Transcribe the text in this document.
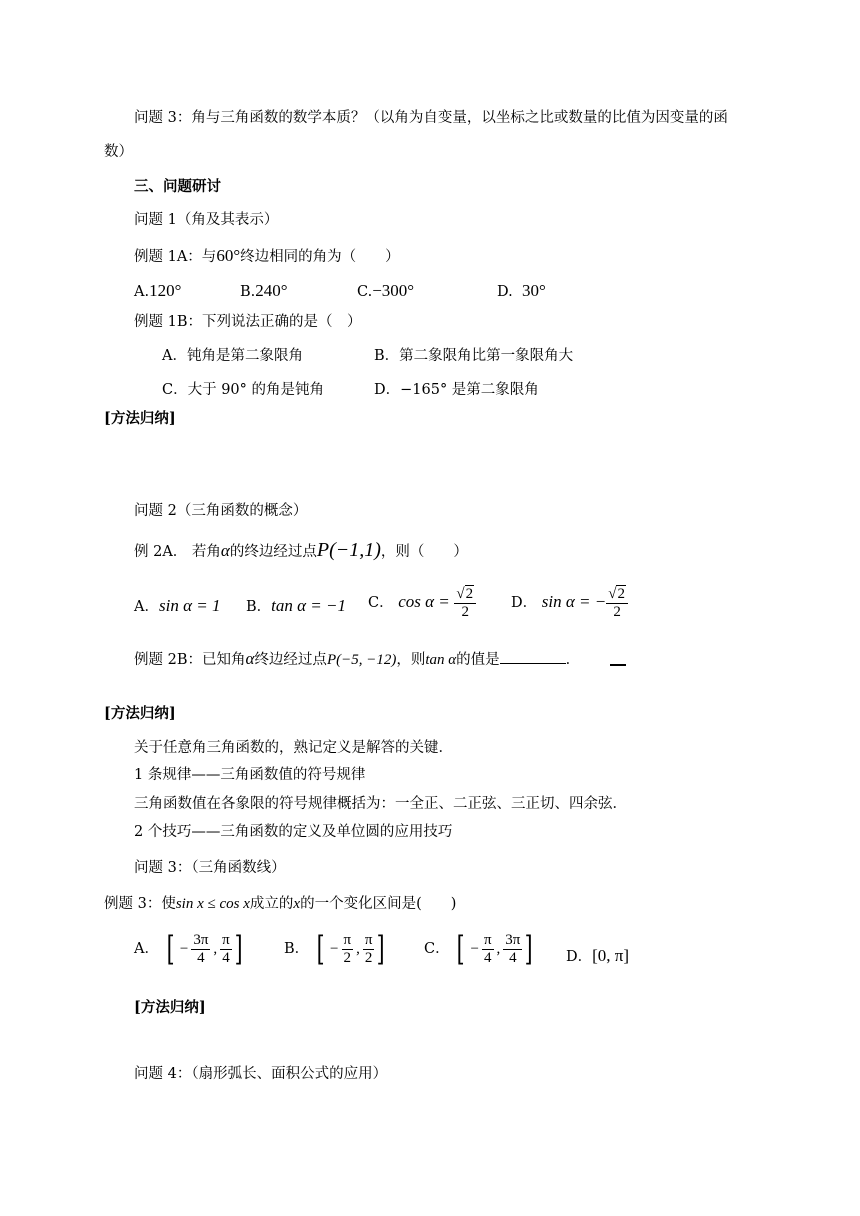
问题 3：角与三角函数的数学本质？（以角为自变量，以坐标之比或数量的比值为因变量的函
数）
三、问题研讨
问题 1（角及其表示）
例题 1A：与60°终边相同的角为（　　）
A.120°	B.240°	C.−300°	D. 30°
例题 1B：下列说法正确的是（　）
A．钝角是第二象限角	B．第二象限角比第一象限角大
C．大于 90° 的角是钝角	D．−165° 是第二象限角
[方法归纳]
问题 2（三角函数的概念）
例 2A． 若角α的终边经过点P(−1,1)，则（　　）
A．sin α = 1 B．tan α = −1 C． $\cos \alpha = \frac{√2}{2}$ D． sin α = − $\frac{√2}{2}$
例题 2B：已知角α终边经过点P(−5, −12)，则tan α的值是	．
[方法归纳]
关于任意角三角函数的，熟记定义是解答的关键．
1 条规律——三角函数值的符号规律
三角函数值在各象限的符号规律概括为：一全正、二正弦、三正切、四余弦．
2 个技巧——三角函数的定义及单位圆的应用技巧
问题 3：（三角函数线）
例题 3：使sin x ≤ cos x成立的x的一个变化区间是(　　)
A． [ − $\frac{3\pi}{4}$ , $\frac{\pi}{4}$ ]	B． [ − $\frac{\pi}{2}$ , $\frac{\pi}{2}$ ]	C． [ − $\frac{\pi}{4}$ , $\frac{3\pi}{4}$ ] D．[0, π]
[方法归纳]
问题 4：（扇形弧长、面积公式的应用）
